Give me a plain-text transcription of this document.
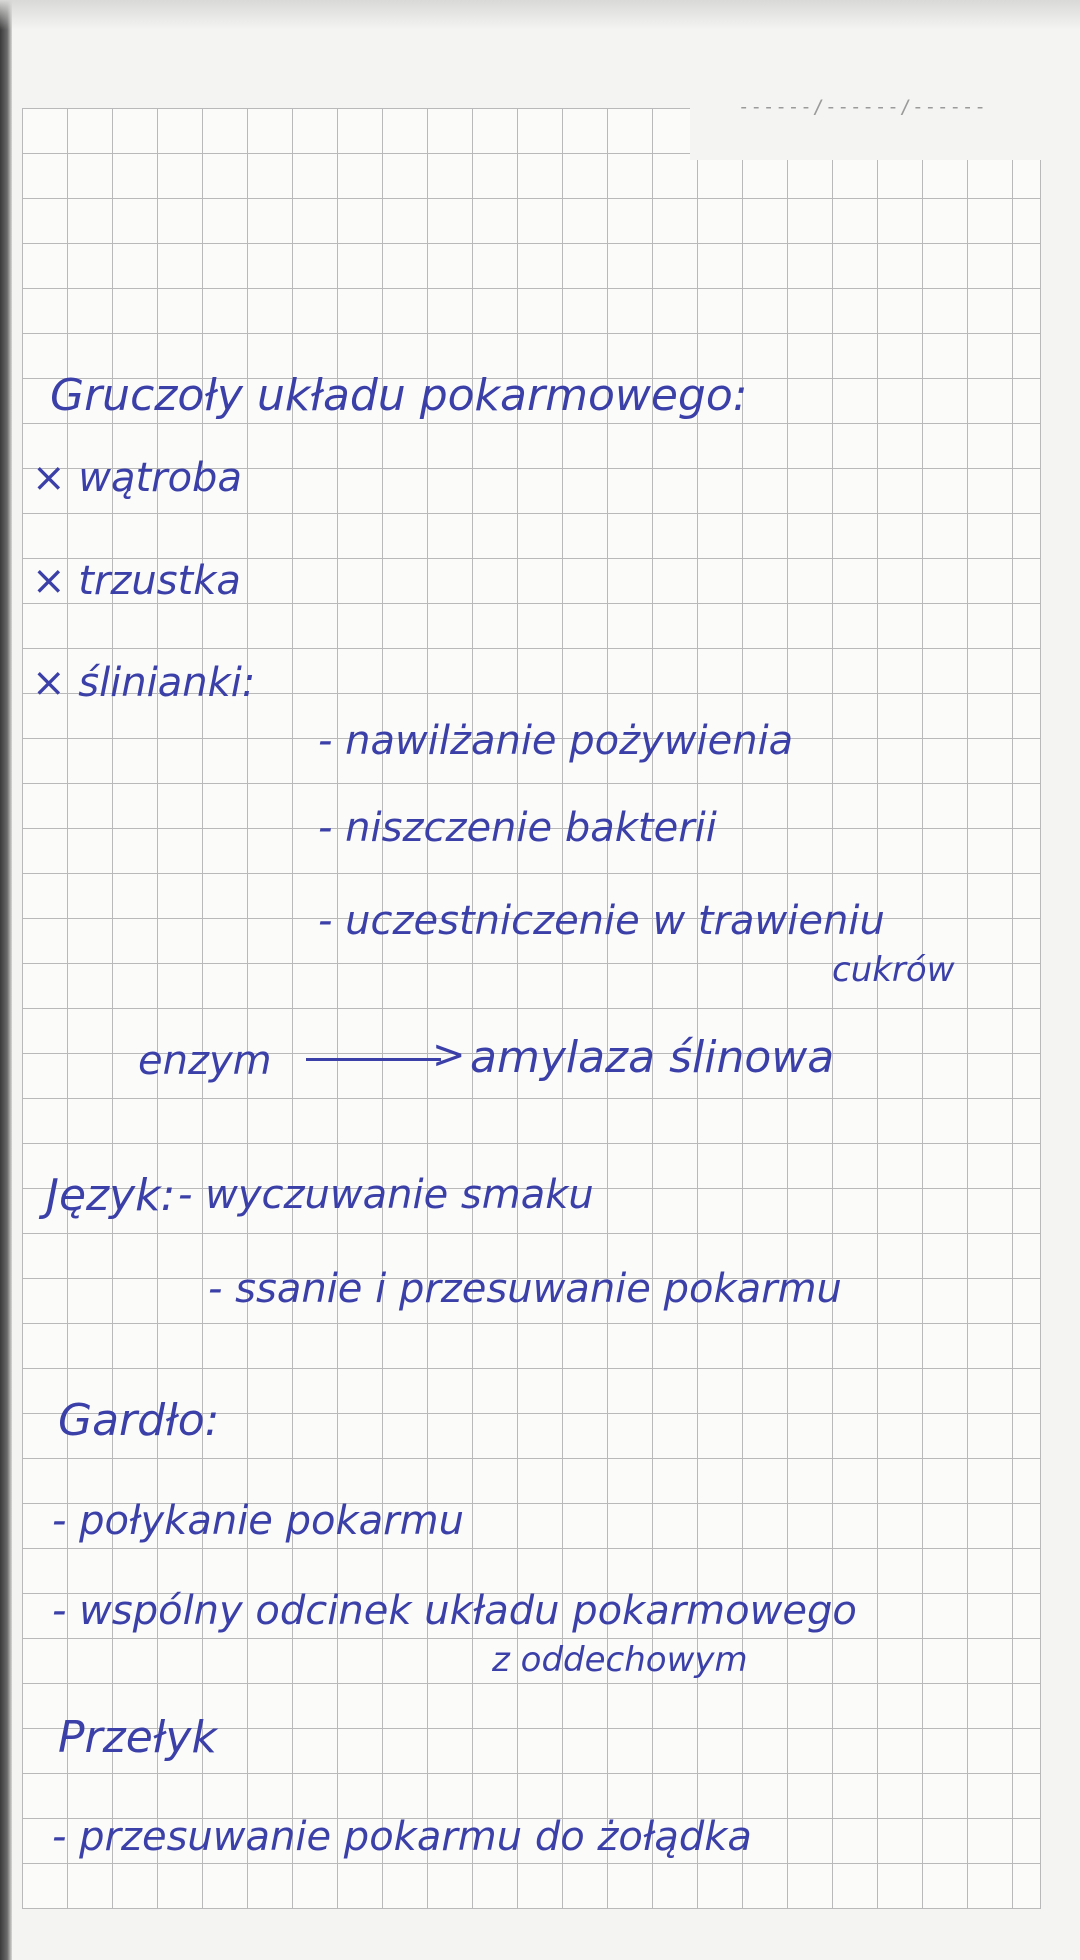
------/------/------
Gruczoły układu pokarmowego:
× wątroba
× trzustka
× ślinianki:
- nawilżanie pożywienia
- niszczenie bakterii
- uczestniczenie w trawieniu
cukrów
enzym	> amylaza ślinowa
Język: - wyczuwanie smaku
- ssanie i przesuwanie pokarmu
Gardło:
- połykanie pokarmu
- wspólny odcinek układu pokarmowego
z oddechowym
Przełyk
- przesuwanie pokarmu do żołądka
